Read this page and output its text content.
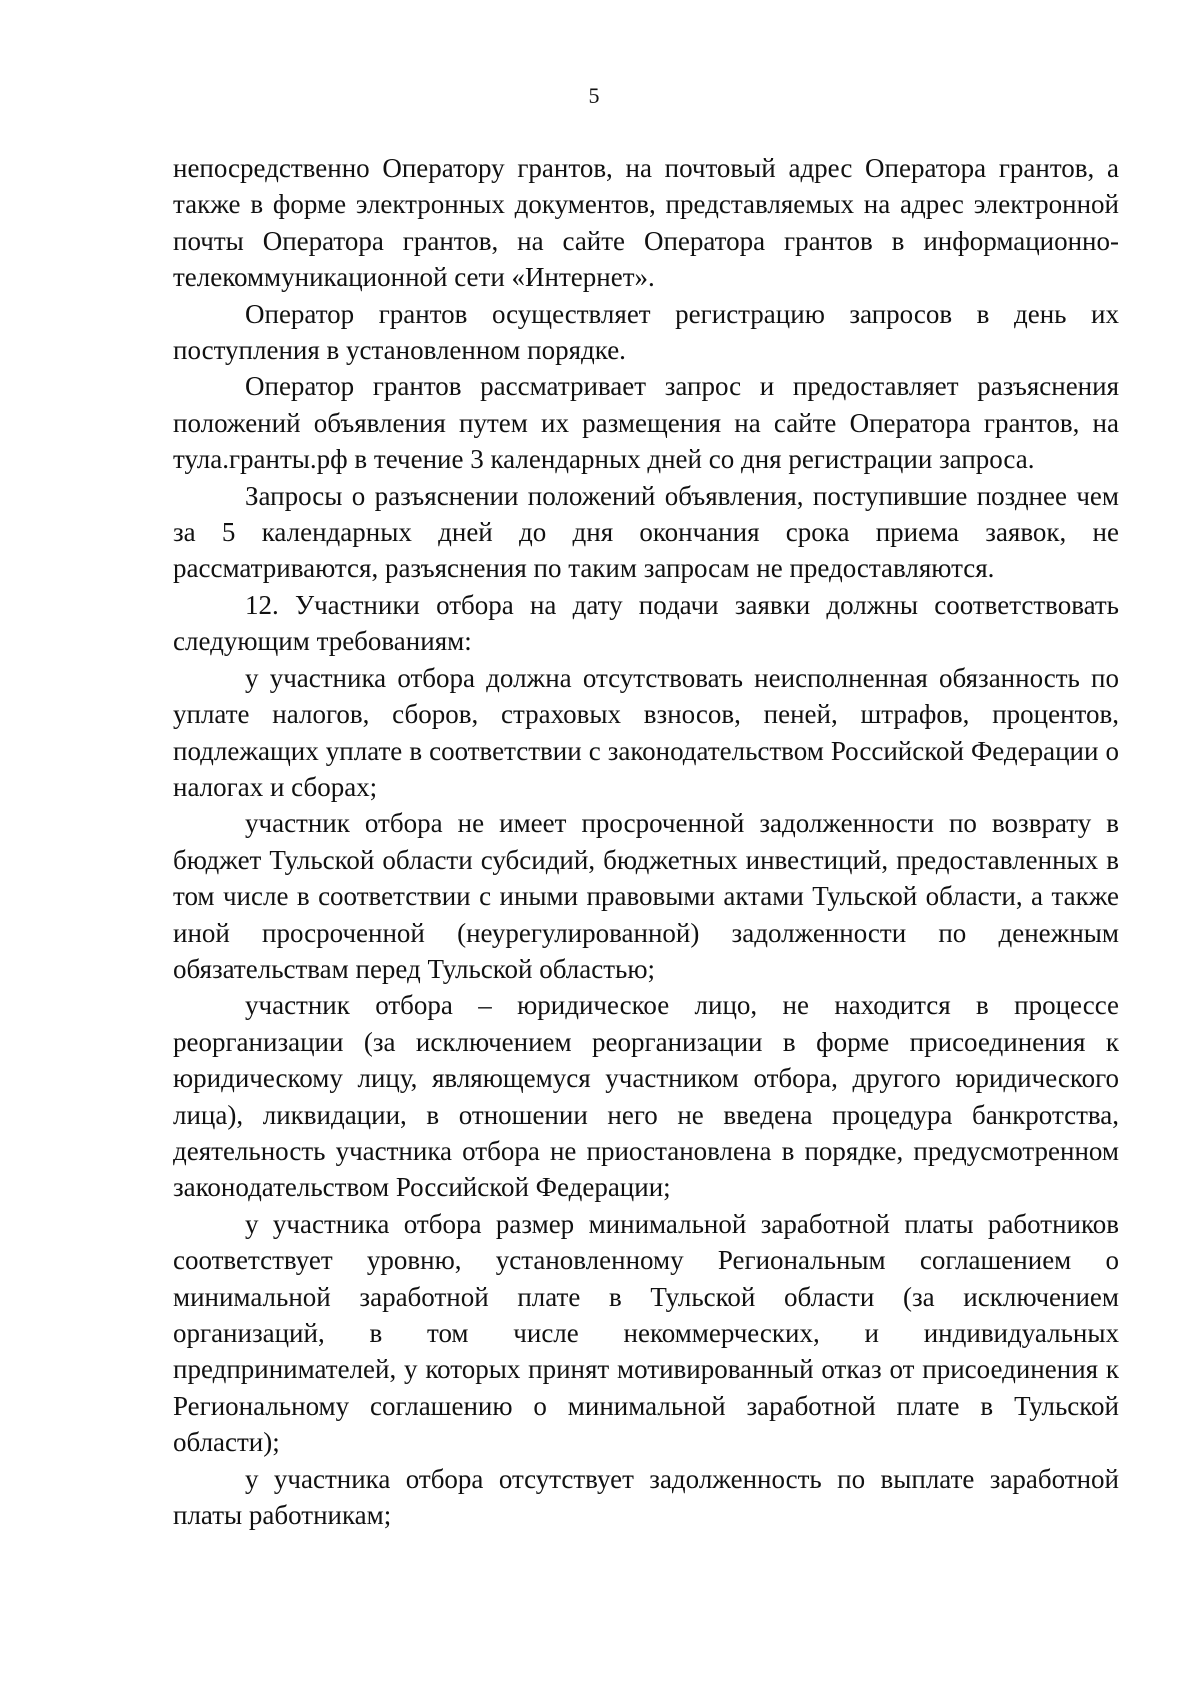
5

непосредственно Оператору грантов, на почтовый адрес Оператора грантов, а также в форме электронных документов, представляемых на адрес электронной почты Оператора грантов, на сайте Оператора грантов в информационно-телекоммуникационной сети «Интернет».

Оператор грантов осуществляет регистрацию запросов в день их поступления в установленном порядке.

Оператор грантов рассматривает запрос и предоставляет разъяснения положений объявления путем их размещения на сайте Оператора грантов, на тула.гранты.рф в течение 3 календарных дней со дня регистрации запроса.

Запросы о разъяснении положений объявления, поступившие позднее чем за 5 календарных дней до дня окончания срока приема заявок, не рассматриваются, разъяснения по таким запросам не предоставляются.

12. Участники отбора на дату подачи заявки должны соответствовать следующим требованиям:

у участника отбора должна отсутствовать неисполненная обязанность по уплате налогов, сборов, страховых взносов, пеней, штрафов, процентов, подлежащих уплате в соответствии с законодательством Российской Федерации о налогах и сборах;

участник отбора не имеет просроченной задолженности по возврату в бюджет Тульской области субсидий, бюджетных инвестиций, предоставленных в том числе в соответствии с иными правовыми актами Тульской области, а также иной просроченной (неурегулированной) задолженности по денежным обязательствам перед Тульской областью;

участник отбора – юридическое лицо, не находится в процессе реорганизации (за исключением реорганизации в форме присоединения к юридическому лицу, являющемуся участником отбора, другого юридического лица), ликвидации, в отношении него не введена процедура банкротства, деятельность участника отбора не приостановлена в порядке, предусмотренном законодательством Российской Федерации;

у участника отбора размер минимальной заработной платы работников соответствует уровню, установленному Региональным соглашением о минимальной заработной плате в Тульской области (за исключением организаций, в том числе некоммерческих, и индивидуальных предпринимателей, у которых принят мотивированный отказ от присоединения к Региональному соглашению о минимальной заработной плате в Тульской области);

у участника отбора отсутствует задолженность по выплате заработной платы работникам;
